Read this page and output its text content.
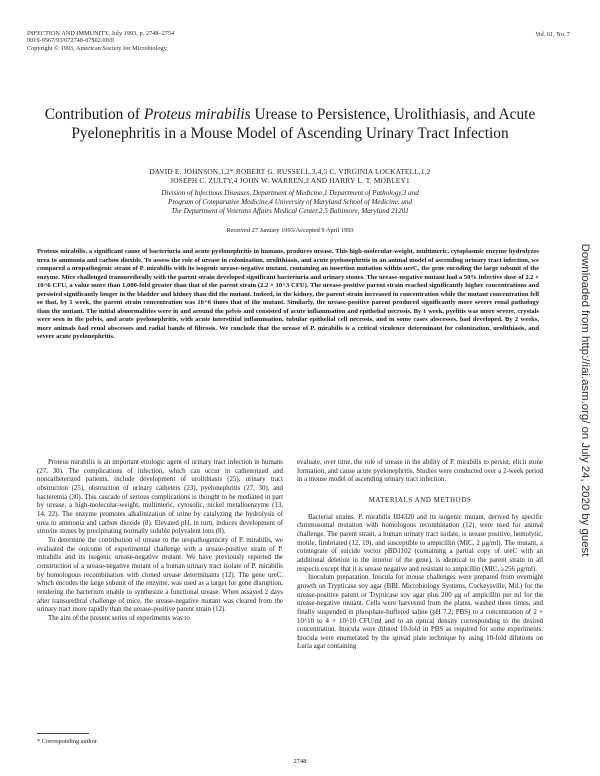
INFECTION AND IMMUNITY, July 1993, p. 2748–2754
0019-9567/93/072748-07$02.00/0
Copyright © 1993, American Society for Microbiology
Vol. 61, No. 7
Contribution of Proteus mirabilis Urease to Persistence, Urolithiasis, and Acute Pyelonephritis in a Mouse Model of Ascending Urinary Tract Infection
DAVID E. JOHNSON,1,2* ROBERT G. RUSSELL,3,4,5 C. VIRGINIA LOCKATELL,1,2
JOSEPH C. ZULTY,4 JOHN W. WARREN,2 AND HARRY L. T. MOBLEY1
Division of Infectious Diseases, Department of Medicine,1 Department of Pathology,3 and
Program of Comparative Medicine,4 University of Maryland School of Medicine, and
The Department of Veterans Affairs Medical Center,2,5 Baltimore, Maryland 21201
Received 27 January 1993/Accepted 9 April 1993
Proteus mirabilis, a significant cause of bacteriuria and acute pyelonephritis in humans, produces urease. This high-molecular-weight, multimeric, cytoplasmic enzyme hydrolyzes urea to ammonia and carbon dioxide. To assess the role of urease in colonization, urolithiasis, and acute pyelonephritis in an animal model of ascending urinary tract infection, we compared a uropathogenic strain of P. mirabilis with its isogenic urease-negative mutant, containing an insertion mutation within ureC, the gene encoding the large subunit of the enzyme. Mice challenged transurethrally with the parent strain developed significant bacteriuria and urinary stones. The urease-negative mutant had a 50% infective dose of 2.2 × 10^6 CFU, a value more than 1,000-fold greater than that of the parent strain (2.2 × 10^3 CFU). The urease-positive parent strain reached significantly higher concentrations and persisted significantly longer in the bladder and kidney than did the mutant. Indeed, in the kidney, the parent strain increased in concentration while the mutant concentration fell so that, by 1 week, the parent strain concentration was 10^6 times that of the mutant. Similarly, the urease-positive parent produced significantly more severe renal pathology than the mutant. The initial abnormalities were in and around the pelvis and consisted of acute inflammation and epithelial necrosis. By 1 week, pyelitis was more severe, crystals were seen in the pelvis, and acute pyelonephritis, with acute interstitial inflammation, tubular epithelial cell necrosis, and in some cases abscesses, had developed. By 2 weeks, more animals had renal abscesses and radial bands of fibrosis. We conclude that the urease of P. mirabilis is a critical virulence determinant for colonization, urolithiasis, and severe acute pyelonephritis.

Proteus mirabilis is an important etiologic agent of urinary tract infection in humans (27, 30). The complications of infection, which can occur in catheterized and noncatheterized patients, include development of urolithiasis (25), urinary tract obstruction (25), obstruction of urinary catheters (23), pyelonephritis (27, 30), and bacteremia (30). This cascade of serious complications is thought to be mediated in part by urease, a high-molecular-weight, multimeric, cytosolic, nickel metalloenzyme (13, 14, 22). The enzyme promotes alkalinization of urine by catalyzing the hydrolysis of urea to ammonia and carbon dioxide (8). Elevated pH, in turn, induces development of struvite stones by precipitating normally soluble polyvalent ions (8).

To determine the contribution of urease to the uropathogenicity of P. mirabilis, we evaluated the outcome of experimental challenge with a urease-positive strain of P. mirabilis and its isogenic urease-negative mutant. We have previously reported the construction of a urease-negative mutant of a human urinary tract isolate of P. mirabilis by homologous recombination with cloned urease determinants (12). The gene ureC, which encodes the large subunit of the enzyme, was used as a target for gene disruption, rendering the bacterium unable to synthesize a functional urease. When assayed 2 days after transurethral challenge of mice, the urease-negative mutant was cleared from the urinary tract more rapidly than the urease-positive parent strain (12).

The aim of the present series of experiments was to

evaluate, over time, the role of urease in the ability of P. mirabilis to persist, elicit stone formation, and cause acute pyelonephritis. Studies were conducted over a 2-week period in a mouse model of ascending urinary tract infection.

MATERIALS AND METHODS

Bacterial strains. P. mirabilis HI4320 and its isogenic mutant, derived by specific chromosomal mutation with homologous recombination (12), were used for animal challenge. The parent strain, a human urinary tract isolate, is urease positive, hemolytic, motile, fimbriated (12, 19), and susceptible to ampicillin (MIC, 2 μg/ml). The mutant, a cointegrate of suicide vector pBD1102 (containing a partial copy of ureC with an additional deletion in the interior of the gene), is identical to the parent strain in all respects except that it is urease negative and resistant to ampicillin (MIC, ≥256 μg/ml).

Inoculum preparation. Inocula for mouse challenges were prepared from overnight growth on Trypticase soy agar (BBL Microbiology Systems, Cockeysville, Md.) for the urease-positive parent or Trypticase soy agar plus 200 μg of ampicillin per ml for the urease-negative mutant. Cells were harvested from the plates, washed three times, and finally suspended in phosphate-buffered saline (pH 7.2; PBS) to a concentration of 2 × 10^10 to 4 × 10^10 CFU/ml and to an optical density corresponding to the desired concentration. Inocula were diluted 10-fold in PBS as required for some experiments. Inocula were enumerated by the spread plate technique by using 10-fold dilutions on Luria agar containing

* Corresponding author.
2748
Downloaded from http://iai.asm.org/ on July 24, 2020 by guest
